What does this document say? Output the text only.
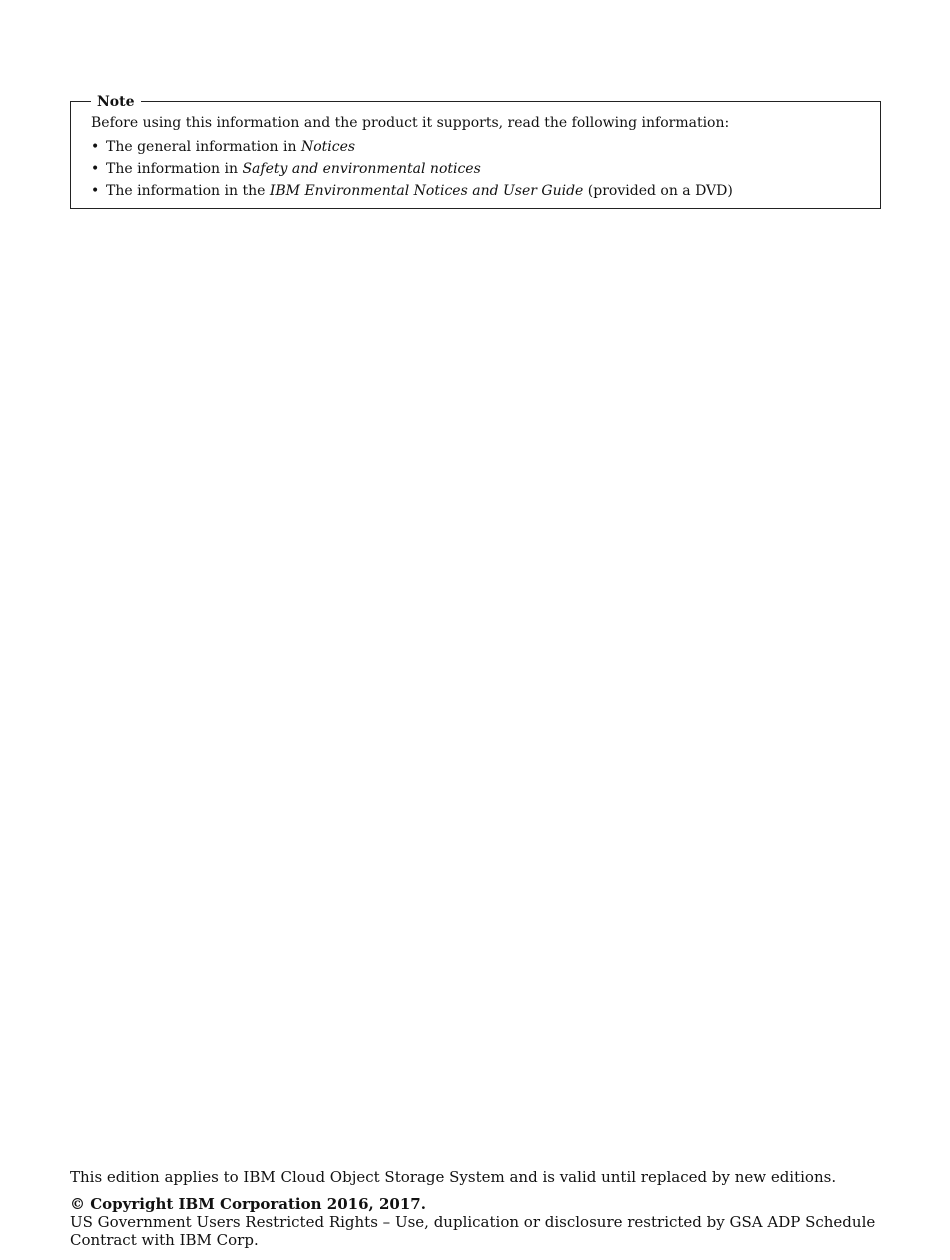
Note
Before using this information and the product it supports, read the following information:
• The general information in Notices
• The information in Safety and environmental notices
• The information in the IBM Environmental Notices and User Guide (provided on a DVD)
This edition applies to IBM Cloud Object Storage System and is valid until replaced by new editions.
© Copyright IBM Corporation 2016, 2017.
US Government Users Restricted Rights – Use, duplication or disclosure restricted by GSA ADP Schedule Contract with IBM Corp.
